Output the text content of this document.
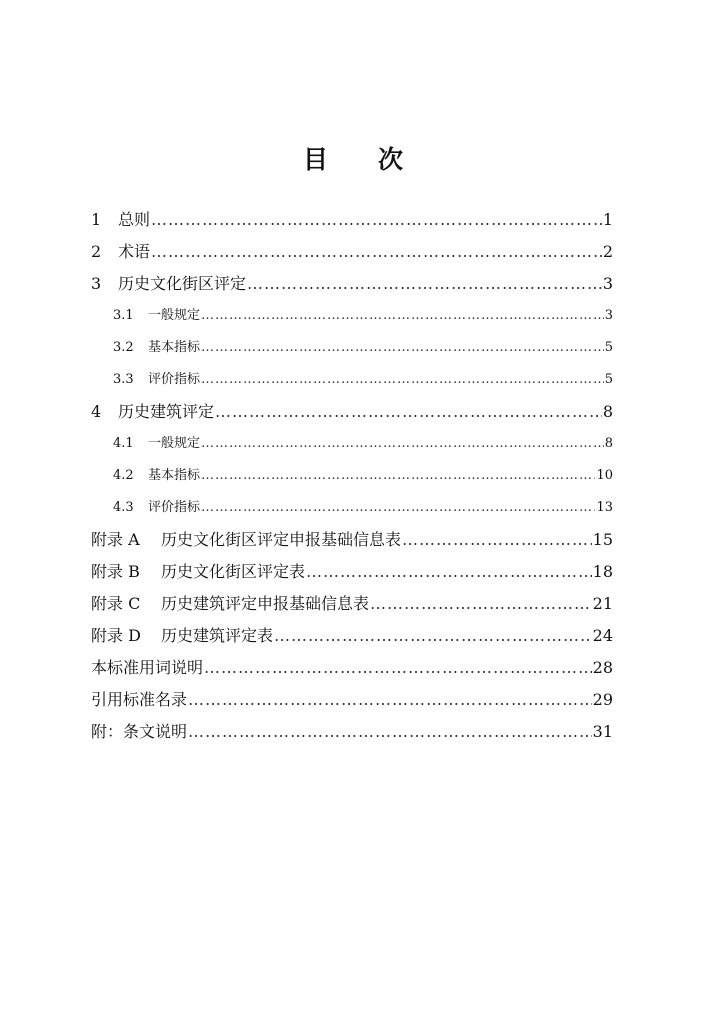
目 次
1	总则 ………………………………………………………………………………………………………………………………………………………………………………………………………………………………	1
2	术语 ………………………………………………………………………………………………………………………………………………………………………………………………………………………………	2
3	历史文化街区评定 ………………………………………………………………………………………………………………………………………………………………………………………………………………………………	3
3.1	一般规定 ………………………………………………………………………………………………………………………………………………………………………………………………………………………………	3
3.2	基本指标 ………………………………………………………………………………………………………………………………………………………………………………………………………………………………	5
3.3	评价指标 ………………………………………………………………………………………………………………………………………………………………………………………………………………………………	5
4	历史建筑评定 ………………………………………………………………………………………………………………………………………………………………………………………………………………………………	8
4.1	一般规定 ………………………………………………………………………………………………………………………………………………………………………………………………………………………………	8
4.2	基本指标 ………………………………………………………………………………………………………………………………………………………………………………………………………………………………	10
4.3	评价指标 ………………………………………………………………………………………………………………………………………………………………………………………………………………………………	13
附录 A	历史文化街区评定申报基础信息表 ………………………………………………………………………………………………………………………………………………………………………………………………………………………………	15
附录 B	历史文化街区评定表 ………………………………………………………………………………………………………………………………………………………………………………………………………………………………	18
附录 C	历史建筑评定申报基础信息表 ………………………………………………………………………………………………………………………………………………………………………………………………………………………………	21
附录 D	历史建筑评定表 ………………………………………………………………………………………………………………………………………………………………………………………………………………………………	24
本标准用词说明 ………………………………………………………………………………………………………………………………………………………………………………………………………………………………	28
引用标准名录 ………………………………………………………………………………………………………………………………………………………………………………………………………………………………	29
附：条文说明 ………………………………………………………………………………………………………………………………………………………………………………………………………………………………	31
